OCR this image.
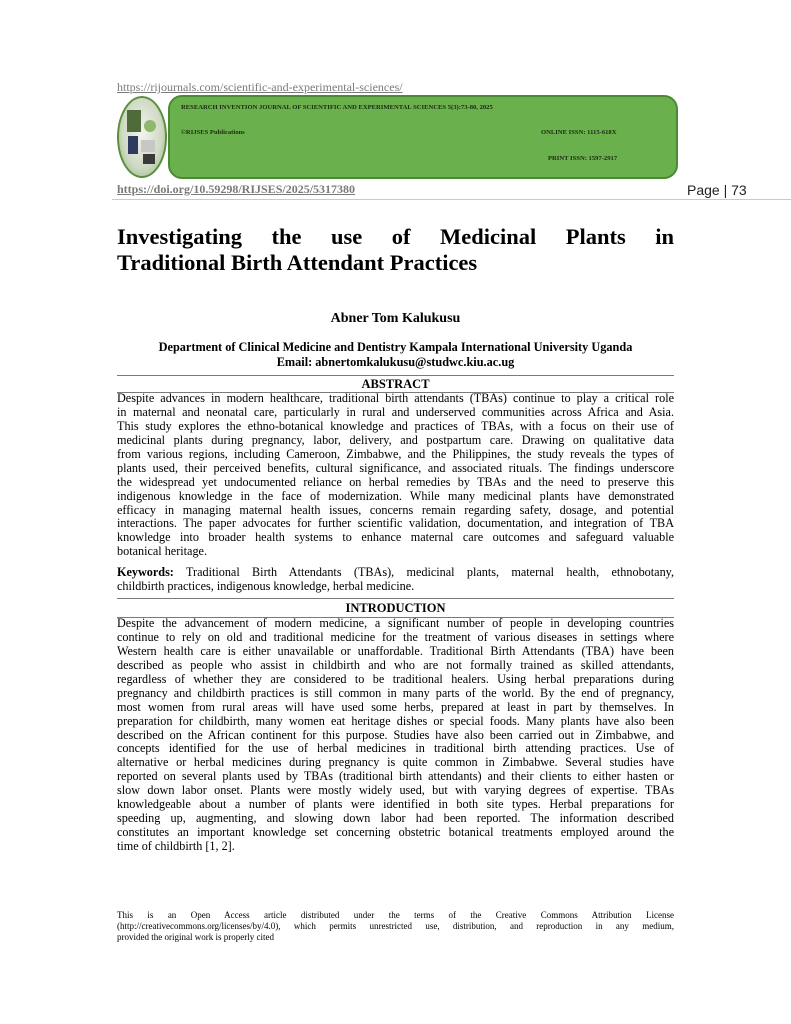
https://rijournals.com/scientific-and-experimental-sciences/
RESEARCH INVENTION JOURNAL OF SCIENTIFIC AND EXPERIMENTAL SCIENCES 5(3):73-80, 2025
©RIJSES Publications	ONLINE ISSN: 1115-618X
PRINT ISSN: 1597-2917
https://doi.org/10.59298/RIJSES/2025/5317380	Page | 73
Investigating the use of Medicinal Plants in
Traditional Birth Attendant Practices
Abner Tom Kalukusu
Department of Clinical Medicine and Dentistry Kampala International University Uganda
Email: abnertomkalukusu@studwc.kiu.ac.ug
ABSTRACT
Despite advances in modern healthcare, traditional birth attendants (TBAs) continue to play a critical role
in maternal and neonatal care, particularly in rural and underserved communities across Africa and Asia.
This study explores the ethno-botanical knowledge and practices of TBAs, with a focus on their use of
medicinal plants during pregnancy, labor, delivery, and postpartum care. Drawing on qualitative data
from various regions, including Cameroon, Zimbabwe, and the Philippines, the study reveals the types of
plants used, their perceived benefits, cultural significance, and associated rituals. The findings underscore
the widespread yet undocumented reliance on herbal remedies by TBAs and the need to preserve this
indigenous knowledge in the face of modernization. While many medicinal plants have demonstrated
efficacy in managing maternal health issues, concerns remain regarding safety, dosage, and potential
interactions. The paper advocates for further scientific validation, documentation, and integration of TBA
knowledge into broader health systems to enhance maternal care outcomes and safeguard valuable
botanical heritage.
Keywords: Traditional Birth Attendants (TBAs), medicinal plants, maternal health, ethnobotany,
childbirth practices, indigenous knowledge, herbal medicine.
INTRODUCTION
Despite the advancement of modern medicine, a significant number of people in developing countries
continue to rely on old and traditional medicine for the treatment of various diseases in settings where
Western health care is either unavailable or unaffordable. Traditional Birth Attendants (TBA) have been
described as people who assist in childbirth and who are not formally trained as skilled attendants,
regardless of whether they are considered to be traditional healers. Using herbal preparations during
pregnancy and childbirth practices is still common in many parts of the world. By the end of pregnancy,
most women from rural areas will have used some herbs, prepared at least in part by themselves. In
preparation for childbirth, many women eat heritage dishes or special foods. Many plants have also been
described on the African continent for this purpose. Studies have also been carried out in Zimbabwe, and
concepts identified for the use of herbal medicines in traditional birth attending practices. Use of
alternative or herbal medicines during pregnancy is quite common in Zimbabwe. Several studies have
reported on several plants used by TBAs (traditional birth attendants) and their clients to either hasten or
slow down labor onset. Plants were mostly widely used, but with varying degrees of expertise. TBAs
knowledgeable about a number of plants were identified in both site types. Herbal preparations for
speeding up, augmenting, and slowing down labor had been reported. The information described
constitutes an important knowledge set concerning obstetric botanical treatments employed around the
time of childbirth [1, 2].
This is an Open Access article distributed under the terms of the Creative Commons Attribution License
(http://creativecommons.org/licenses/by/4.0), which permits unrestricted use, distribution, and reproduction in any medium,
provided the original work is properly cited
